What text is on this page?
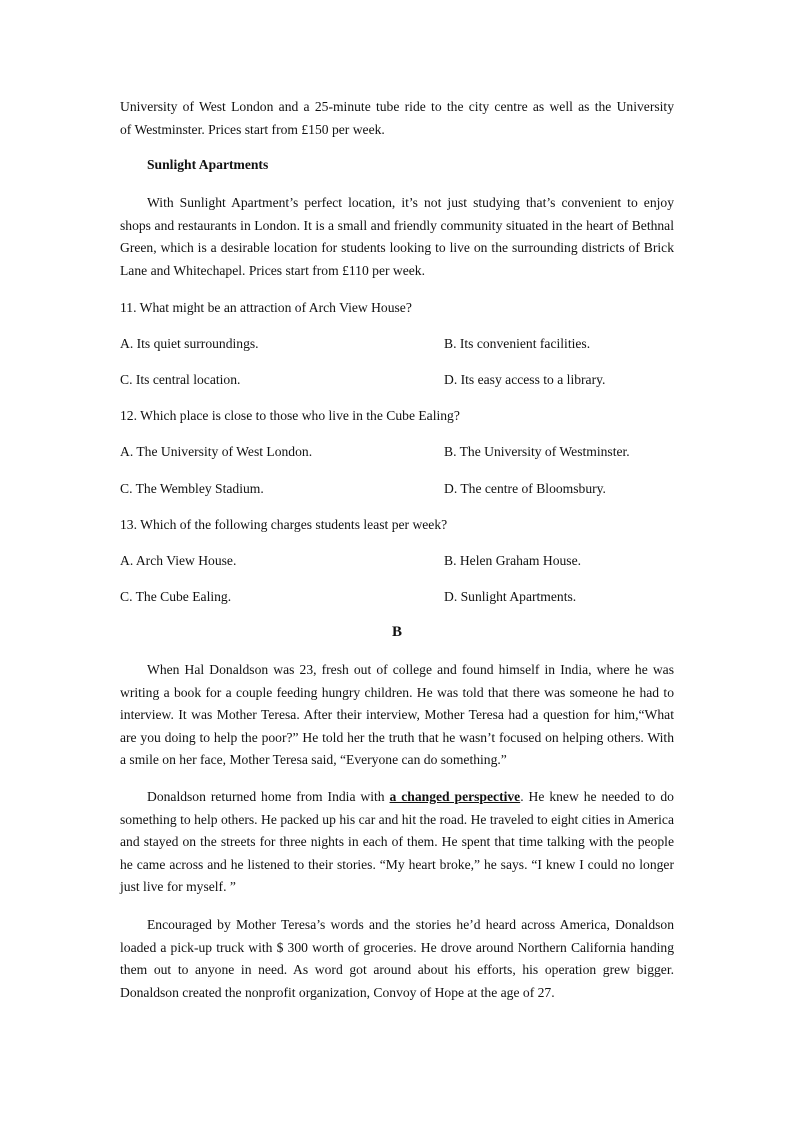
University of West London and a 25-minute tube ride to the city centre as well as the University

of Westminster. Prices start from £150 per week.

Sunlight Apartments

With Sunlight Apartment’s perfect location, it’s not just studying that’s convenient to enjoy shops and restaurants in London. It is a small and friendly community situated in the heart of Bethnal Green, which is a desirable location for students looking to live on the surrounding districts of Brick Lane and Whitechapel. Prices start from £110 per week.

11. What might be an attraction of Arch View House?

A. Its quiet surroundings.	B. Its convenient facilities.
C. Its central location.	D. Its easy access to a library.

12. Which place is close to those who live in the Cube Ealing?

A. The University of West London.	B. The University of Westminster.
C. The Wembley Stadium.	D. The centre of Bloomsbury.

13. Which of the following charges students least per week?

A. Arch View House.	B. Helen Graham House.
C. The Cube Ealing.	D. Sunlight Apartments.

B

When Hal Donaldson was 23, fresh out of college and found himself in India, where he was writing a book for a couple feeding hungry children. He was told that there was someone he had to interview. It was Mother Teresa. After their interview, Mother Teresa had a question for him,“What are you doing to help the poor?” He told her the truth that he wasn’t focused on helping others. With a smile on her face, Mother Teresa said, “Everyone can do something.”

Donaldson returned home from India with a changed perspective. He knew he needed to do something to help others. He packed up his car and hit the road. He traveled to eight cities in America and stayed on the streets for three nights in each of them. He spent that time talking with the people he came across and he listened to their stories. “My heart broke,” he says. “I knew I could no longer just live for myself. ”

Encouraged by Mother Teresa’s words and the stories he’d heard across America, Donaldson loaded a pick-up truck with $ 300 worth of groceries. He drove around Northern California handing them out to anyone in need. As word got around about his efforts, his operation grew bigger. Donaldson created the nonprofit organization, Convoy of Hope at the age of 27.
